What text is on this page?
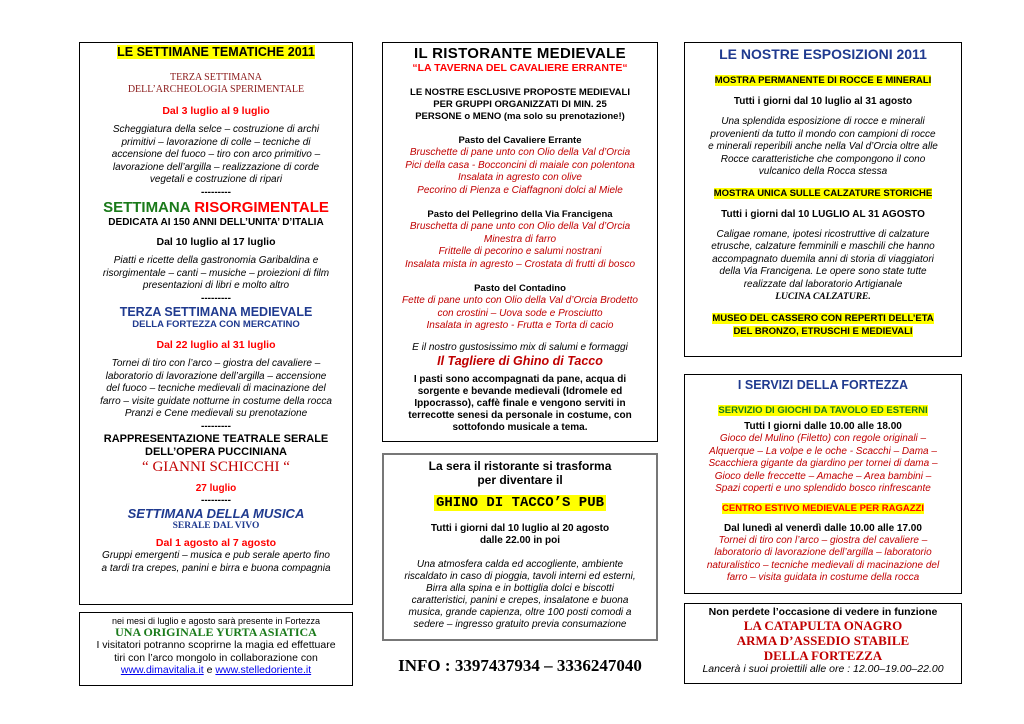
LE SETTIMANE TEMATICHE 2011
TERZA SETTIMANA
DELL’ARCHEOLOGIA SPERIMENTALE
Dal 3 luglio al 9 luglio
Scheggiatura della selce – costruzione di archi
primitivi – lavorazione di colle – tecniche di
accensione del fuoco – tiro con arco primitivo –
lavorazione dell’argilla – realizzazione di corde
vegetali e costruzione di ripari
---------
SETTIMANA RISORGIMENTALE
DEDICATA AI 150 ANNI DELL’UNITA’ D’ITALIA
Dal 10 luglio al 17 luglio
Piatti e ricette della gastronomia Garibaldina e
risorgimentale – canti – musiche – proiezioni di film
presentazioni di libri e molto altro
---------
TERZA SETTIMANA MEDIEVALE
DELLA FORTEZZA CON MERCATINO
Dal 22 luglio al 31 luglio
Tornei di tiro con l’arco – giostra del cavaliere –
laboratorio di lavorazione dell’argilla – accensione
del fuoco – tecniche medievali di macinazione del
farro – visite guidate notturne in costume della rocca
Pranzi e Cene medievali su prenotazione
---------
RAPPRESENTAZIONE TEATRALE SERALE
DELL’OPERA PUCCINIANA
“ GIANNI SCHICCHI “
27 luglio
---------
SETTIMANA DELLA MUSICA
SERALE DAL VIVO
Dal 1 agosto al 7 agosto
Gruppi emergenti – musica e pub serale aperto fino
a tardi tra crepes, panini e birra e buona compagnia
nei mesi di luglio e agosto sarà presente in Fortezza
UNA ORIGINALE YURTA ASIATICA
I visitatori potranno scoprirne la magia ed effettuare
tiri con l’arco mongolo in collaborazione con
www.dimavitalia.it e www.stelledoriente.it
IL RISTORANTE MEDIEVALE
“LA TAVERNA DEL CAVALIERE ERRANTE“
LE NOSTRE ESCLUSIVE PROPOSTE MEDIEVALI
PER GRUPPI ORGANIZZATI DI MIN. 25
PERSONE o MENO (ma solo su prenotazione!)
Pasto del Cavaliere Errante
Bruschette di pane unto con Olio della Val d’Orcia
Pici della casa - Bocconcini di maiale con polentona
Insalata in agresto con olive
Pecorino di Pienza e Ciaffagnoni dolci al Miele
Pasto del Pellegrino della Via Francigena
Bruschetta di pane unto con Olio della Val d’Orcia
Minestra di farro
Frittelle di pecorino e salumi nostrani
Insalata mista in agresto – Crostata di frutti di bosco
Pasto del Contadino
Fette di pane unto con Olio della Val d’Orcia Brodetto
con crostini – Uova sode e Prosciutto
Insalata in agresto - Frutta e Torta di cacio
E il nostro gustosissimo mix di salumi e formaggi
Il Tagliere di Ghino di Tacco
I pasti sono accompagnati da pane, acqua di
sorgente e bevande medievali (Idromele ed
Ippocrasso), caffè finale e vengono serviti in
terrecotte senesi da personale in costume, con
sottofondo musicale a tema.
La sera il ristorante si trasforma
per diventare il
GHINO DI TACCO’S PUB
Tutti i giorni dal 10 luglio al 20 agosto
dalle 22.00 in poi
Una atmosfera calda ed accogliente, ambiente
riscaldato in caso di pioggia, tavoli interni ed esterni,
Birra alla spina e in bottiglia dolci e biscotti
caratteristici, panini e crepes, insalatone e buona
musica, grande capienza, oltre 100 posti comodi a
sedere – ingresso gratuito previa consumazione
INFO : 3397437934 – 3336247040
LE NOSTRE ESPOSIZIONI 2011
MOSTRA PERMANENTE DI ROCCE E MINERALI
Tutti i giorni dal 10 luglio al 31 agosto
Una splendida esposizione di rocce e minerali
provenienti da tutto il mondo con campioni di rocce
e minerali reperibili anche nella Val d’Orcia oltre alle
Rocce caratteristiche che compongono il cono
vulcanico della Rocca stessa
MOSTRA UNICA SULLE CALZATURE STORICHE
Tutti i giorni dal 10 LUGLIO AL 31 AGOSTO
Caligae romane, ipotesi ricostruttive di calzature
etrusche, calzature femminili e maschili che hanno
accompagnato duemila anni di storia di viaggiatori
della Via Francigena. Le opere sono state tutte
realizzate dal laboratorio Artigianale
LUCINA CALZATURE.
MUSEO DEL CASSERO CON REPERTI DELL’ETA
DEL BRONZO, ETRUSCHI E MEDIEVALI
I SERVIZI DELLA FORTEZZA
SERVIZIO DI GIOCHI DA TAVOLO ED ESTERNI
Tutti I giorni dalle 10.00 alle 18.00
Gioco del Mulino (Filetto) con regole originali –
Alquerque – La volpe e le oche - Scacchi – Dama –
Scacchiera gigante da giardino per tornei di dama –
Gioco delle freccette – Amache – Area bambini –
Spazi coperti e uno splendido bosco rinfrescante
CENTRO ESTIVO MEDIEVALE PER RAGAZZI
Dal lunedì al venerdì dalle 10.00 alle 17.00
Tornei di tiro con l’arco – giostra del cavaliere –
laboratorio di lavorazione dell’argilla – laboratorio
naturalistico – tecniche medievali di macinazione del
farro – visita guidata in costume della rocca
Non perdete l’occasione di vedere in funzione
LA CATAPULTA ONAGRO
ARMA D’ASSEDIO STABILE
DELLA FORTEZZA
Lancerà i suoi proiettili alle ore : 12.00–19.00–22.00
